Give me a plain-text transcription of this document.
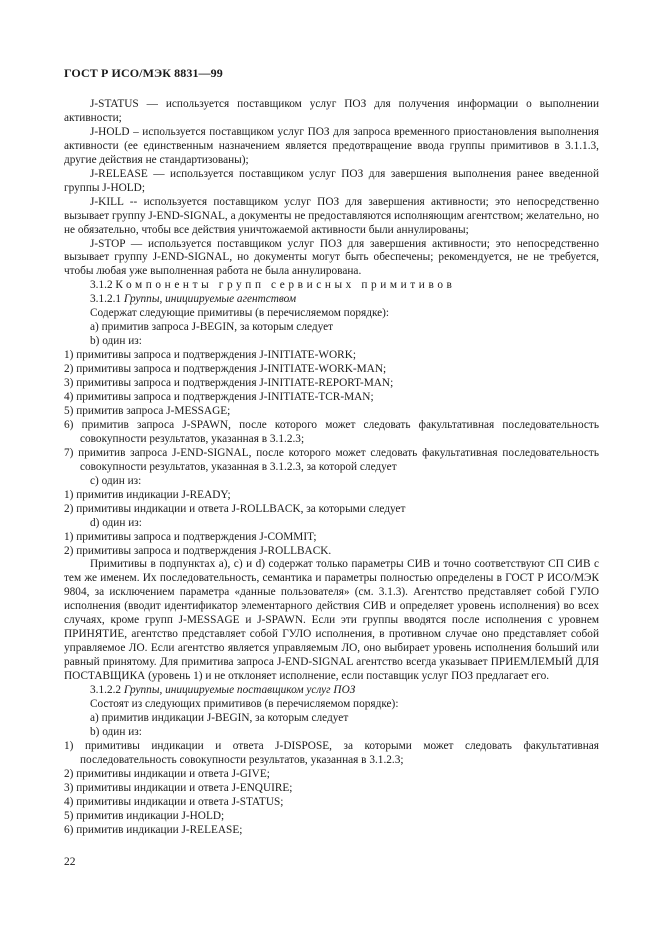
ГОСТ Р ИСО/МЭК 8831—99

J-STATUS — используется поставщиком услуг ПОЗ для получения информации о выполнении активности;

J-HOLD – используется поставщиком услуг ПОЗ для запроса временного приостановления выполнения активности (ее единственным назначением является предотвращение ввода группы примитивов в 3.1.1.3, другие действия не стандартизованы);

J-RELEASE — используется поставщиком услуг ПОЗ для завершения выполнения ранее введенной группы J-HOLD;

J-KILL -- используется поставщиком услуг ПОЗ для завершения активности; это непосредственно вызывает группу J-END-SIGNAL, а документы не предоставляются исполняющим агентством; желательно, но не обязательно, чтобы все действия уничтожаемой активности были аннулированы;

J-STOP — используется поставщиком услуг ПОЗ для завершения активности; это непосредственно вызывает группу J-END-SIGNAL, но документы могут быть обеспечены; рекомендуется, не не требуется, чтобы любая уже выполненная работа не была аннулирована.

3.1.2 Компоненты групп сервисных примитивов

3.1.2.1 Группы, инициируемые агентством

Содержат следующие примитивы (в перечисляемом порядке):

а) примитив запроса J-BEGIN, за которым следует

b) один из:

1) примитивы запроса и подтверждения J-INITIATE-WORK;

2) примитивы запроса и подтверждения J-INITIATE-WORK-MAN;

3) примитивы запроса и подтверждения J-INITIATE-REPORT-MAN;

4) примитивы запроса и подтверждения J-INITIATE-TCR-MAN;

5) примитив запроса J-MESSAGE;

6) примитив запроса J-SPAWN, после которого может следовать факультативная последовательность совокупности результатов, указанная в 3.1.2.3;

7) примитив запроса J-END-SIGNAL, после которого может следовать факультативная последовательность совокупности результатов, указанная в 3.1.2.3, за которой следует

c) один из:

1) примитив индикации J-READY;

2) примитивы индикации и ответа J-ROLLBACK, за которыми следует

d) один из:

1) примитивы запроса и подтверждения J-COMMIT;

2) примитивы запроса и подтверждения J-ROLLBACK.

Примитивы в подпунктах а), с) и d) содержат только параметры СИВ и точно соответствуют СП СИВ с тем же именем. Их последовательность, семантика и параметры полностью определены в ГОСТ Р ИСО/МЭК 9804, за исключением параметра «данные пользователя» (см. 3.1.3). Агентство представляет собой ГУЛО исполнения (вводит идентификатор элементарного действия СИВ и определяет уровень исполнения) во всех случаях, кроме групп J-MESSAGE и J-SPAWN. Если эти группы вводятся после исполнения с уровнем ПРИНЯТИЕ, агентство представляет собой ГУЛО исполнения, в противном случае оно представляет собой управляемое ЛО. Если агентство является управляемым ЛО, оно выбирает уровень исполнения больший или равный принятому. Для примитива запроса J-END-SIGNAL агентство всегда указывает ПРИЕМЛЕМЫЙ ДЛЯ ПОСТАВЩИКА (уровень 1) и не отклоняет исполнение, если поставщик услуг ПОЗ предлагает его.

3.1.2.2 Группы, инициируемые поставщиком услуг ПОЗ

Состоят из следующих примитивов (в перечисляемом порядке):

а) примитив индикации J-BEGIN, за которым следует

b) один из:

1) примитивы индикации и ответа J-DISPOSE, за которыми может следовать факультативная последовательность совокупности результатов, указанная в 3.1.2.3;

2) примитивы индикации и ответа J-GIVE;

3) примитивы индикации и ответа J-ENQUIRE;

4) примитивы индикации и ответа J-STATUS;

5) примитив индикации J-HOLD;

6) примитив индикации J-RELEASE;

22
